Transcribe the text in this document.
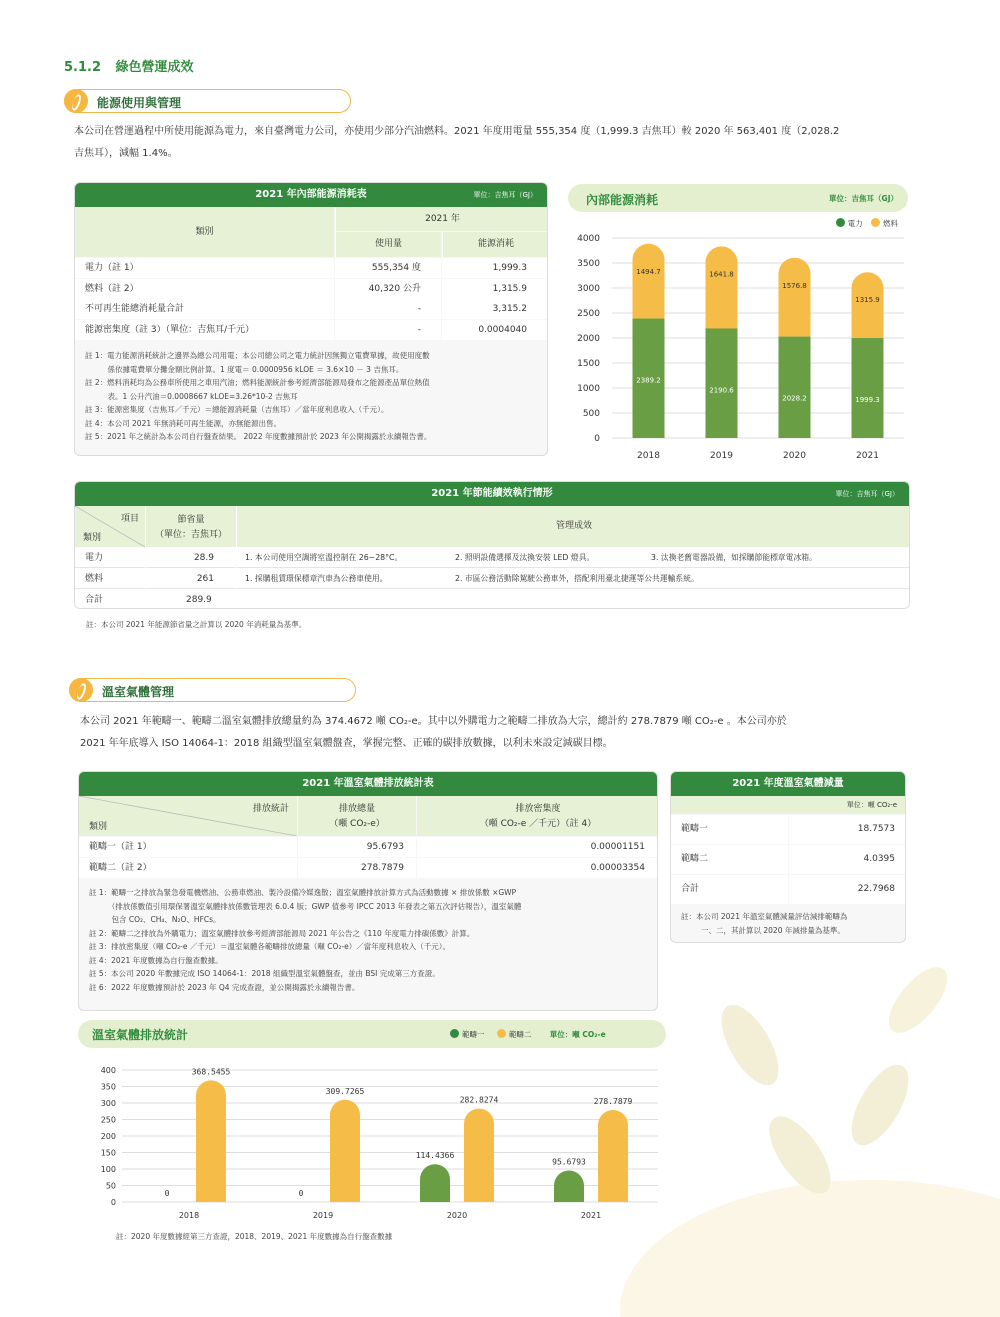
5.1.2 綠色營運成效
能源使用與管理
本公司在營運過程中所使用能源為電力，來自臺灣電力公司，亦使用少部分汽油燃料。2021 年度用電量 555,354 度（1,999.3 吉焦耳）較 2020 年 563,401 度（2,028.2
吉焦耳），減幅 1.4%。
2021 年內部能源消耗表	單位：吉焦耳（GJ）
類別
2021 年
使用量	能源消耗
電力（註 1）	555,354 度	1,999.3
燃料（註 2）	40,320 公升	1,315.9
不可再生能總消耗量合計	-	3,315.2
能源密集度（註 3）（單位：吉焦耳/千元）	-	0.0004040
註 1：電力能源消耗統計之邊界為總公司用電；本公司總公司之電力統計因無獨立電費單據，故使用度數
　　　係依據電費單分攤金額比例計算。1 度電＝ 0.0000956 kLOE ＝ 3.6×10 － 3 吉焦耳。
註 2：燃料消耗均為公務車所使用之車用汽油；燃料能源統計參考經濟部能源局發布之能源產品單位熱值
　　　表。1 公升汽油＝0.0008667 kLOE=3.26*10-2 吉焦耳
註 3：能源密集度（吉焦耳／千元）＝總能源消耗量（吉焦耳）／當年度利息收入（千元）。
註 4：本公司 2021 年無消耗可再生能源，亦無能源出售。
註 5：2021 年之統計為本公司自行盤查結果。 2022 年度數據預計於 2023 年公開揭露於永續報告書。
內部能源消耗	單位：吉焦耳（GJ）
電力	燃料
0
500
1000
1500
2000
2500
3000
3500
4000
1494.7
2389.2
2018
1641.8
2190.6
2019
1576.8
2028.2
2020
1315.9
1999.3
2021
2021 年節能績效執行情形	單位：吉焦耳（GJ）
項目
類別
節省量
（單位：吉焦耳）
管理成效
電力	28.9	1. 本公司使用空調將室溫控制在 26~28°C。	2. 照明設備選擇及汰換安裝 LED 燈具。	3. 汰換老舊電器設備，如採購節能標章電冰箱。
燃料	261	1. 採購租賃環保標章汽車為公務車使用。	2. 市區公務活動除駕駛公務車外，搭配利用臺北捷運等公共運輸系統。
合計	289.9
註：本公司 2021 年能源節省量之計算以 2020 年消耗量為基準。
溫室氣體管理
本公司 2021 年範疇一、範疇二溫室氣體排放總量約為 374.4672 噸 CO₂-e。其中以外購電力之範疇二排放為大宗，總計約 278.7879 噸 CO₂-e 。本公司亦於
2021 年年底導入 ISO 14064-1：2018 組織型溫室氣體盤查，掌握完整、正確的碳排放數據，以利未來設定減碳目標。
2021 年溫室氣體排放統計表
排放統計
類別
排放總量
（噸 CO₂-e）
排放密集度
（噸 CO₂-e ／千元）（註 4）
範疇一（註 1）	95.6793	0.00001151
範疇二（註 2）	278.7879	0.00003354
註 1：範疇一之排放為緊急發電機燃油、公務車燃油、製冷設備冷媒逸散；溫室氣體排放計算方式為活動數據 × 排放係數 ×GWP
　　　（排放係數值引用環保署溫室氣體排放係數管理表 6.0.4 版；GWP 值參考 IPCC 2013 年發表之第五次評估報告），溫室氣體
　　　包含 CO₂、CH₄、N₂O、HFCs。
註 2：範疇二之排放為外購電力；溫室氣體排放參考經濟部能源局 2021 年公告之《110 年度電力排碳係數》計算。
註 3：排放密集度（噸 CO₂-e ／千元）＝溫室氣體各範疇排放總量（噸 CO₂-e）／當年度利息收入（千元）。
註 4：2021 年度數據為自行盤查數據。
註 5：本公司 2020 年數據完成 ISO 14064-1：2018 組織型溫室氣體盤查，並由 BSI 完成第三方查證。
註 6：2022 年度數據預計於 2023 年 Q4 完成查證，並公開揭露於永續報告書。
2021 年度溫室氣體減量
單位：噸 CO₂-e
註：本公司 2021 年溫室氣體減量評估減排範疇為
一、二，其計算以 2020 年減排量為基準。
範疇一	18.7573
範疇二	4.0395
合計	22.7968
溫室氣體排放統計	範疇一	範疇二 單位：噸 CO₂-e
0
50
100
150
200
250
300
350
400
0
368.5455
2018
0
309.7265
2019
114.4366
282.8274
2020
95.6793
278.7879
2021
註：2020 年度數據經第三方查證，2018、2019、2021 年度數據為自行盤查數據
